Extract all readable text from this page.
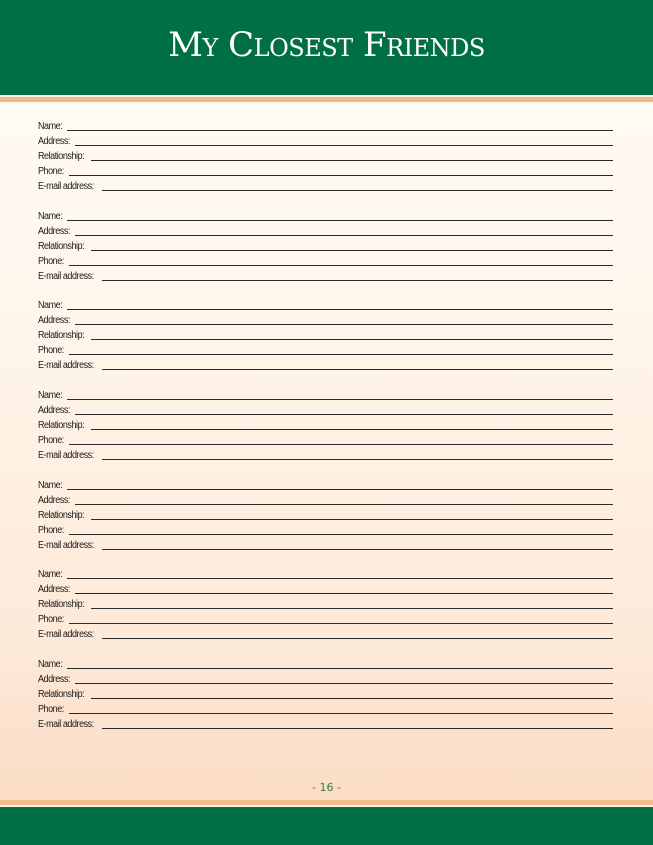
My Closest Friends
Name:
Address:
Relationship:
Phone:
E-mail address:
Name:
Address:
Relationship:
Phone:
E-mail address:
Name:
Address:
Relationship:
Phone:
E-mail address:
Name:
Address:
Relationship:
Phone:
E-mail address:
Name:
Address:
Relationship:
Phone:
E-mail address:
Name:
Address:
Relationship:
Phone:
E-mail address:
Name:
Address:
Relationship:
Phone:
E-mail address:
- 16 -
